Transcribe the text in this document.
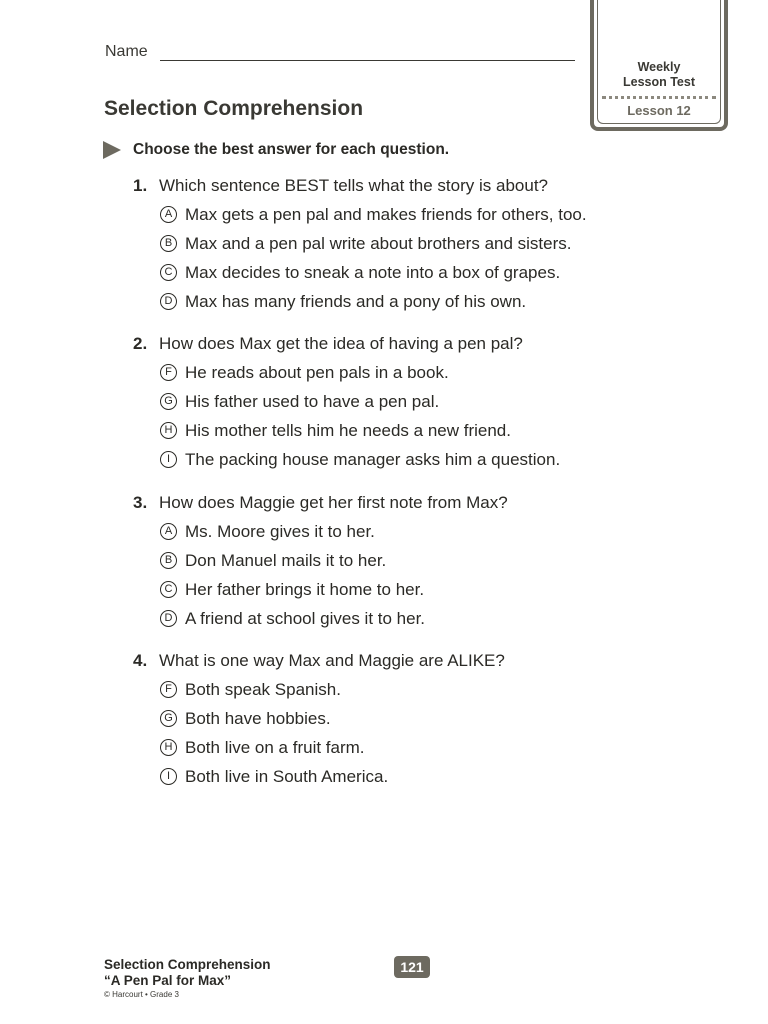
Name
Weekly
Lesson Test
Lesson 12
Selection Comprehension
Choose the best answer for each question.
1. Which sentence BEST tells what the story is about?
A Max gets a pen pal and makes friends for others, too.
B Max and a pen pal write about brothers and sisters.
C Max decides to sneak a note into a box of grapes.
D Max has many friends and a pony of his own.
2. How does Max get the idea of having a pen pal?
F He reads about pen pals in a book.
G His father used to have a pen pal.
H His mother tells him he needs a new friend.
I The packing house manager asks him a question.
3. How does Maggie get her first note from Max?
A Ms. Moore gives it to her.
B Don Manuel mails it to her.
C Her father brings it home to her.
D A friend at school gives it to her.
4. What is one way Max and Maggie are ALIKE?
F Both speak Spanish.
G Both have hobbies.
H Both live on a fruit farm.
I Both live in South America.
Selection Comprehension
“A Pen Pal for Max”
© Harcourt • Grade 3
121
